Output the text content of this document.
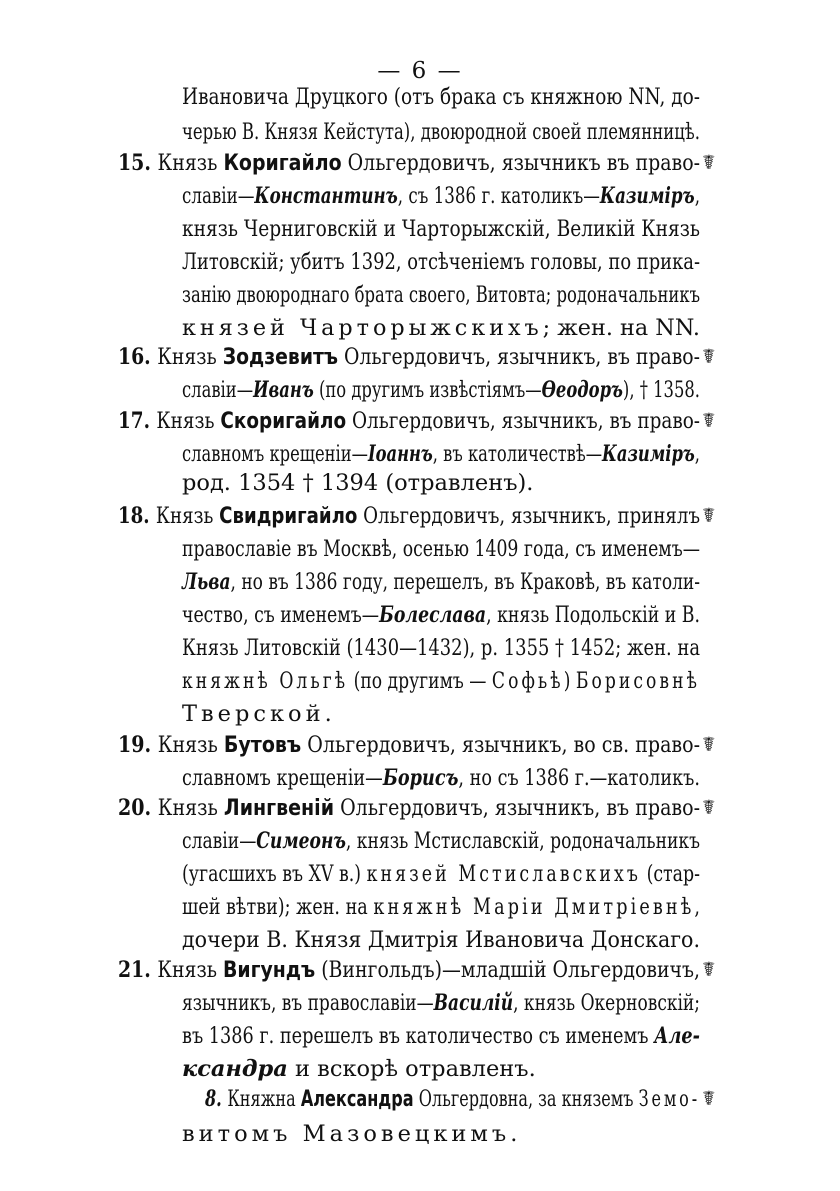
— 6 —
Ивановича Друцкого (отъ брака съ княжною NN, до-
черью В. Князя Кейстута), двоюродной своей племянницѣ.
15. Князь Коригайло Ольгердовичъ, язычникъ въ право-
славіи—Константинъ, съ 1386 г. католикъ—Казиміръ,
князь Черниговскій и Чарторыжскій, Великій Князь
Литовскій; убитъ 1392, отсѣченіемъ головы, по прика-
занію двоюроднаго брата своего, Витовта; родоначальникъ
князей Чарторыжскихъ; жен. на NN.
16. Князь Зодзевитъ Ольгердовичъ, язычникъ, въ право-
славіи—Иванъ (по другимъ извѣстіямъ—Өеодоръ), † 1358.
17. Князь Скоригайло Ольгердовичъ, язычникъ, въ право-
славномъ крещеніи—Іоаннъ, въ католичествѣ—Казиміръ,
род. 1354 † 1394 (отравленъ).
18. Князь Свидригайло Ольгердовичъ, язычникъ, принялъ
православіе въ Москвѣ, осенью 1409 года, съ именемъ—
Льва, но въ 1386 году, перешелъ, въ Краковѣ, въ католи-
чество, съ именемъ—Болеслава, князь Подольскій и В.
Князь Литовскій (1430—1432), р. 1355 † 1452; жен. на
княжнѣ Ольгѣ (по другимъ — Софьѣ) Борисовнѣ
Тверской.
19. Князь Бутовъ Ольгердовичъ, язычникъ, во св. право-
славномъ крещеніи—Борисъ, но съ 1386 г.—католикъ.
20. Князь Лингвеній Ольгердовичъ, язычникъ, въ право-
славіи—Симеонъ, князь Мстиславскій, родоначальникъ
(угасшихъ въ XV в.) князей Мстиславскихъ (стар-
шей вѣтви); жен. на княжнѣ Маріи Дмитріевнѣ,
дочери В. Князя Дмитрія Ивановича Донскаго.
21. Князь Вигундъ (Вингольдъ)—младшій Ольгердовичъ,
язычникъ, въ православіи—Василій, князь Окерновскій;
въ 1386 г. перешелъ въ католичество съ именемъ Але-
ксандра и вскорѣ отравленъ.
8. Княжна Александра Ольгердовна, за княземъ Земо-
витомъ Мазовецкимъ.
☤
☤
☤
☤
☤
☤
☤
☤
